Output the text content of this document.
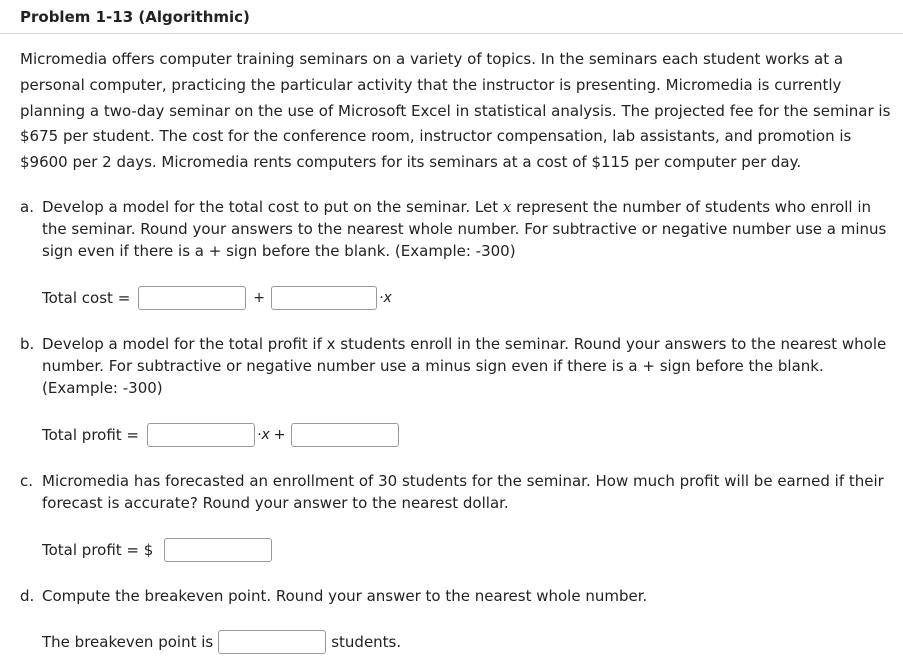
Problem 1-13 (Algorithmic)

Micromedia offers computer training seminars on a variety of topics. In the seminars each student works at a personal computer, practicing the particular activity that the instructor is presenting. Micromedia is currently planning a two-day seminar on the use of Microsoft Excel in statistical analysis. The projected fee for the seminar is $675 per student. The cost for the conference room, instructor compensation, lab assistants, and promotion is $9600 per 2 days. Micromedia rents computers for its seminars at a cost of $115 per computer per day.

a. Develop a model for the total cost to put on the seminar. Let x represent the number of students who enroll in the seminar. Round your answers to the nearest whole number. For subtractive or negative number use a minus sign even if there is a + sign before the blank. (Example: -300)
Total cost =	+	·x
b. Develop a model for the total profit if x students enroll in the seminar. Round your answers to the nearest whole number. For subtractive or negative number use a minus sign even if there is a + sign before the blank. (Example: -300)
Total profit =	·x +
c. Micromedia has forecasted an enrollment of 30 students for the seminar. How much profit will be earned if their forecast is accurate? Round your answer to the nearest dollar.
Total profit = $
d. Compute the breakeven point. Round your answer to the nearest whole number.
The breakeven point is	students.
